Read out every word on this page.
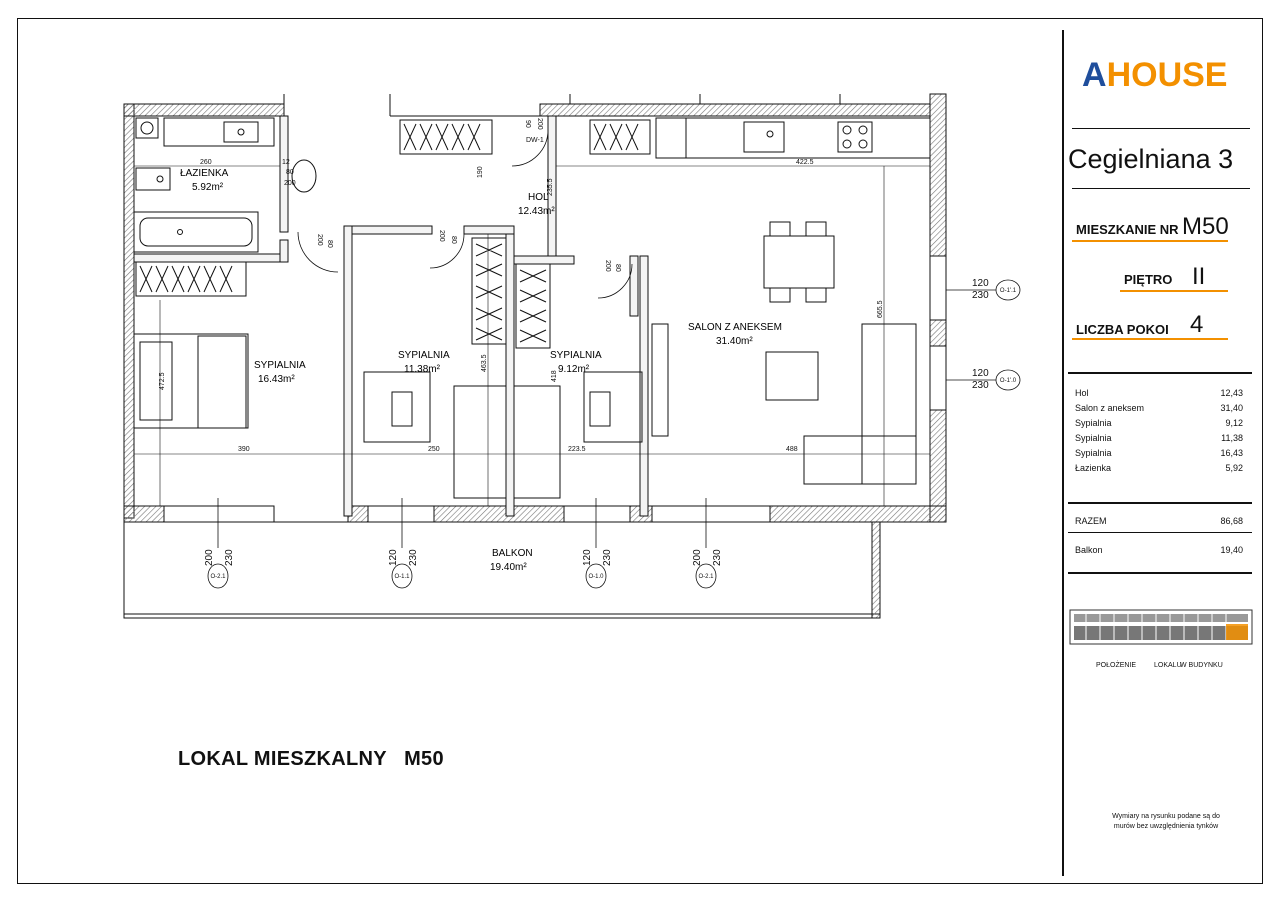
AHOUSE
Cegielniana 3
MIESZKANIE NR M50
PIĘTRO II
LICZBA POKOI 4
Hol	12,43
Salon z aneksem	31,40
Sypialnia	9,12
Sypialnia	11,38
Sypialnia	16,43
Łazienka	5,92
RAZEM	86,68
Balkon	19,40
POŁOŻENIE	LOKALU
W BUDYNKU
Wymiary na rysunku podane są do
murów bez uwzględnienia tynków
LOKAL MIESZKALNY   M50
ŁAZIENKA
5.92m²
HOL
12.43m²
SYPIALNIA
16.43m²
SYPIALNIA
11.38m²
SYPIALNIA
9.12m²
SALON Z ANEKSEM
31.40m²
BALKON
19.40m²
260	12
80
200
422.5
390	250	223.5	488
DW-1
190
235.5
665.5
472.5
463.5
418
80
200	80
200
80
200
90 200
200 230	120 230	120 230	200 230
O-2.1	O-1.1	O-1.0	O-2.1
O-1'.1
O-1'.0
120
230
120
230
